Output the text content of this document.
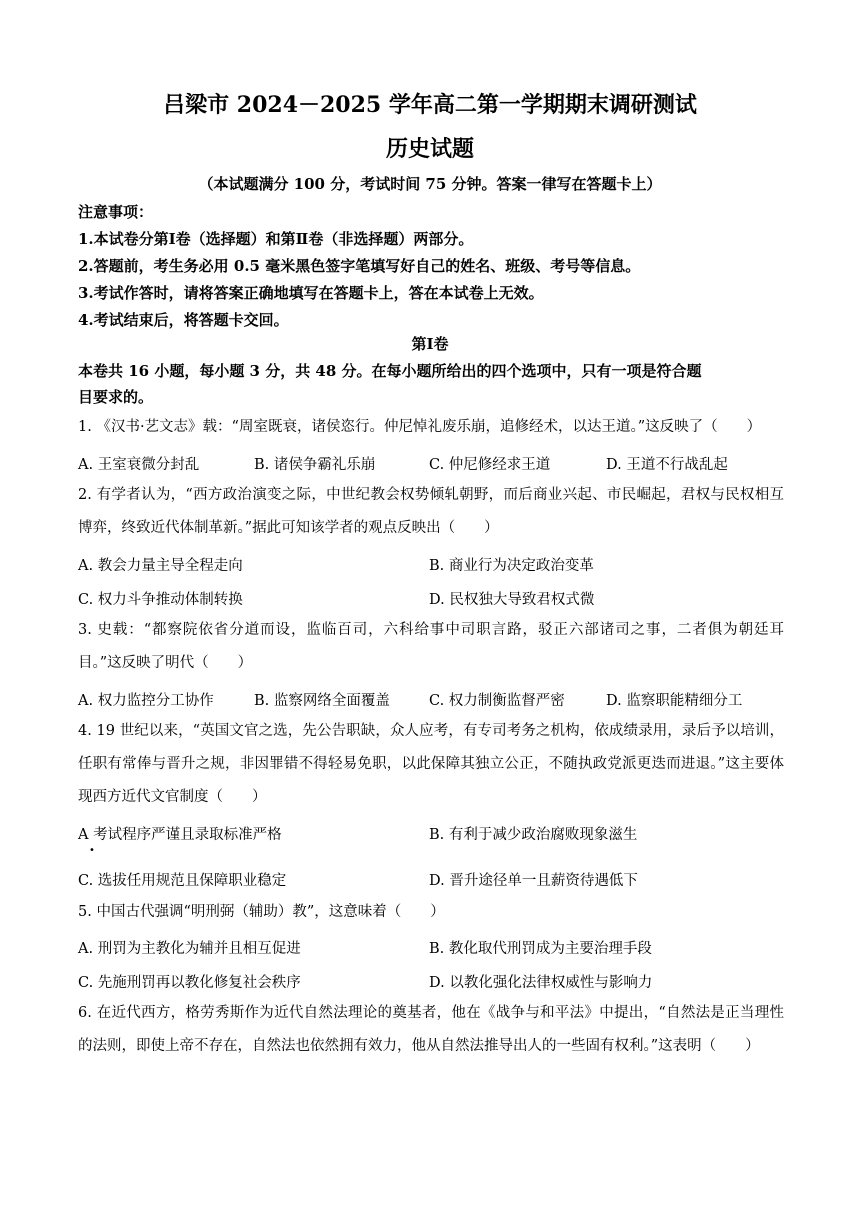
吕梁市 2024－2025 学年高二第一学期期末调研测试
历史试题
（本试题满分 100 分，考试时间 75 分钟。答案一律写在答题卡上）
注意事项：
1.本试卷分第Ⅰ卷（选择题）和第Ⅱ卷（非选择题）两部分。
2.答题前，考生务必用 0.5 毫米黑色签字笔填写好自己的姓名、班级、考号等信息。
3.考试作答时，请将答案正确地填写在答题卡上，答在本试卷上无效。
4.考试结束后，将答题卡交回。
第Ⅰ卷
本卷共 16 小题，每小题 3 分，共 48 分。在每小题所给出的四个选项中，只有一项是符合题
目要求的。
1. 《汉书·艺文志》载：“周室既衰，诸侯恣行。仲尼悼礼废乐崩，追修经术，以达王道。”这反映了（　　）
A. 王室衰微分封乱	B. 诸侯争霸礼乐崩	C. 仲尼修经求王道	D. 王道不行战乱起
2. 有学者认为，“西方政治演变之际，中世纪教会权势倾轧朝野，而后商业兴起、市民崛起，君权与民权相互博弈，终致近代体制革新。”据此可知该学者的观点反映出（　　）
A. 教会力量主导全程走向	B. 商业行为决定政治变革
C. 权力斗争推动体制转换	D. 民权独大导致君权式微
3. 史载：“都察院依省分道而设，监临百司，六科给事中司职言路，驳正六部诸司之事，二者俱为朝廷耳目。”这反映了明代（　　）
A. 权力监控分工协作	B. 监察网络全面覆盖	C. 权力制衡监督严密	D. 监察职能精细分工
4. 19 世纪以来，“英国文官之选，先公告职缺，众人应考，有专司考务之机构，依成绩录用，录后予以培训，任职有常俸与晋升之规，非因罪错不得轻易免职，以此保障其独立公正，不随执政党派更迭而进退。”这主要体现西方近代文官制度（　　）
A 考试程序严谨且录取标准严格
•
B. 有利于减少政治腐败现象滋生
C. 选拔任用规范且保障职业稳定	D. 晋升途径单一且薪资待遇低下
5. 中国古代强调“明刑弼（辅助）教”，这意味着（　　）
A. 刑罚为主教化为辅并且相互促进	B. 教化取代刑罚成为主要治理手段
C. 先施刑罚再以教化修复社会秩序	D. 以教化强化法律权威性与影响力
6. 在近代西方，格劳秀斯作为近代自然法理论的奠基者，他在《战争与和平法》中提出，“自然法是正当理性的法则，即使上帝不存在，自然法也依然拥有效力，他从自然法推导出人的一些固有权利。”这表明（　　）
